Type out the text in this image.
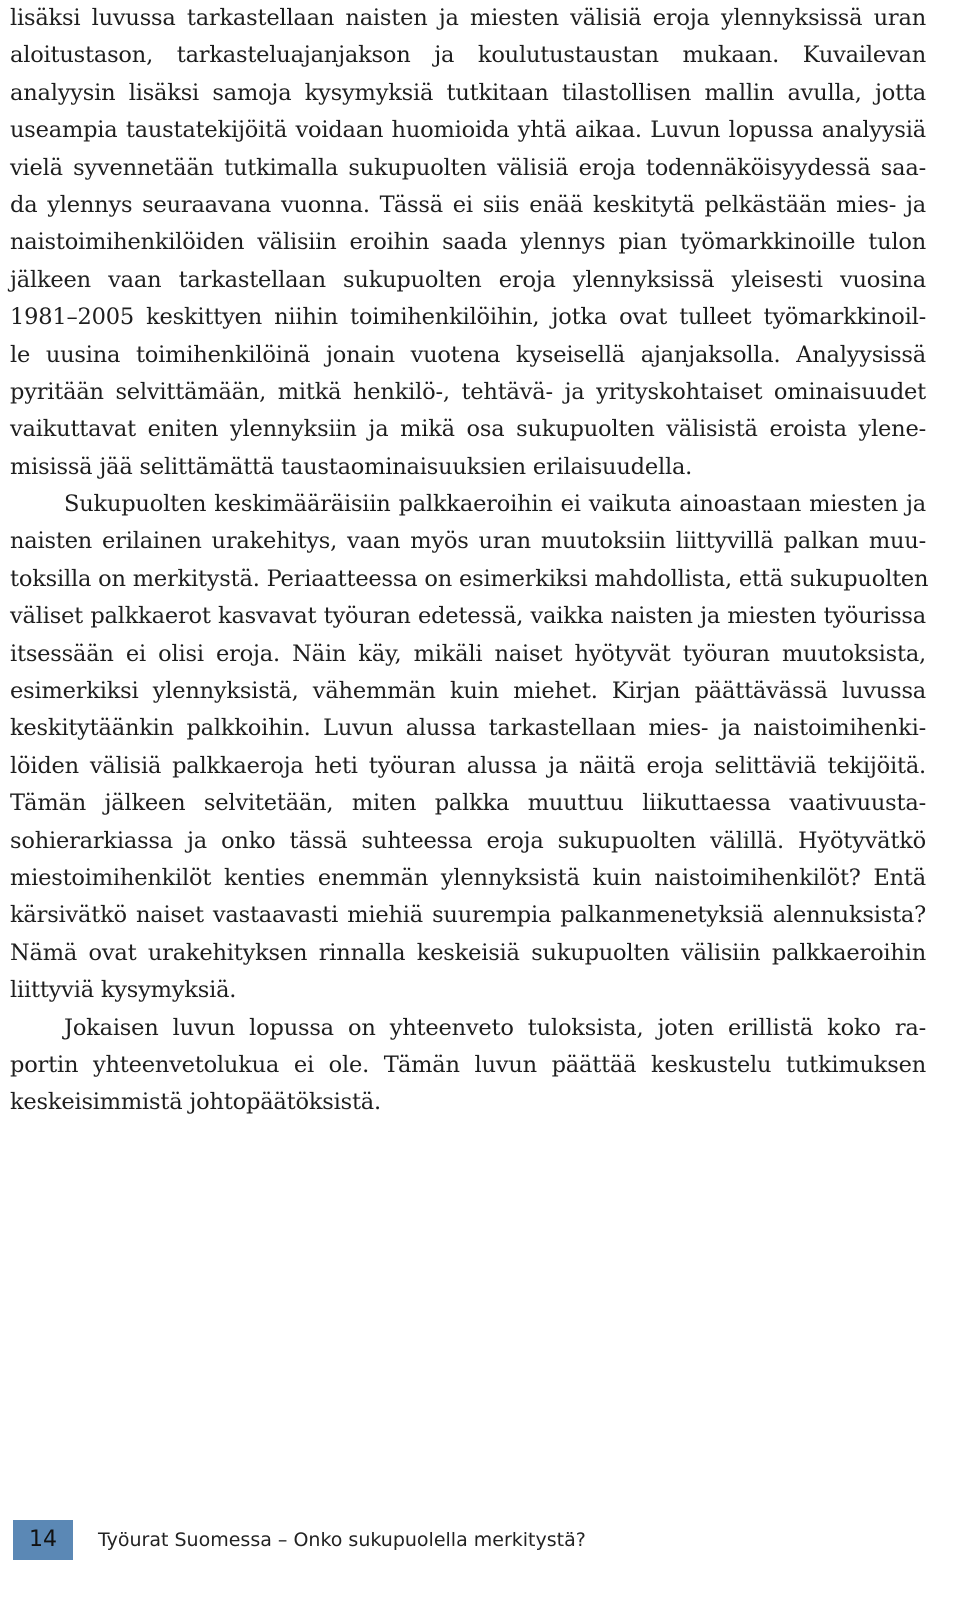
lisäksi luvussa tarkastellaan naisten ja miesten välisiä eroja ylennyksissä uran
aloitustason, tarkasteluajanjakson ja koulutustaustan mukaan. Kuvailevan
analyysin lisäksi samoja kysymyksiä tutkitaan tilastollisen mallin avulla, jotta
useampia taustatekijöitä voidaan huomioida yhtä aikaa. Luvun lopussa analyysiä
vielä syvennetään tutkimalla sukupuolten välisiä eroja todennäköisyydessä saa-
da ylennys seuraavana vuonna. Tässä ei siis enää keskitytä pelkästään mies- ja
naistoimihenkilöiden välisiin eroihin saada ylennys pian työmarkkinoille tulon
jälkeen vaan tarkastellaan sukupuolten eroja ylennyksissä yleisesti vuosina
1981–2005 keskittyen niihin toimihenkilöihin, jotka ovat tulleet työmarkkinoil-
le uusina toimihenkilöinä jonain vuotena kyseisellä ajanjaksolla. Analyysissä
pyritään selvittämään, mitkä henkilö-, tehtävä- ja yrityskohtaiset ominaisuudet
vaikuttavat eniten ylennyksiin ja mikä osa sukupuolten välisistä eroista ylene-
misissä jää selittämättä taustaominaisuuksien erilaisuudella.
Sukupuolten keskimääräisiin palkkaeroihin ei vaikuta ainoastaan miesten ja
naisten erilainen urakehitys, vaan myös uran muutoksiin liittyvillä palkan muu-
toksilla on merkitystä. Periaatteessa on esimerkiksi mahdollista, että sukupuolten
väliset palkkaerot kasvavat työuran edetessä, vaikka naisten ja miesten työurissa
itsessään ei olisi eroja. Näin käy, mikäli naiset hyötyvät työuran muutoksista,
esimerkiksi ylennyksistä, vähemmän kuin miehet. Kirjan päättävässä luvussa
keskitytäänkin palkkoihin. Luvun alussa tarkastellaan mies- ja naistoimihenki-
löiden välisiä palkkaeroja heti työuran alussa ja näitä eroja selittäviä tekijöitä.
Tämän jälkeen selvitetään, miten palkka muuttuu liikuttaessa vaativuusta-
sohierarkiassa ja onko tässä suhteessa eroja sukupuolten välillä. Hyötyvätkö
miestoimihenkilöt kenties enemmän ylennyksistä kuin naistoimihenkilöt? Entä
kärsivätkö naiset vastaavasti miehiä suurempia palkanmenetyksiä alennuksista?
Nämä ovat urakehityksen rinnalla keskeisiä sukupuolten välisiin palkkaeroihin
liittyviä kysymyksiä.
Jokaisen luvun lopussa on yhteenveto tuloksista, joten erillistä koko ra-
portin yhteenvetolukua ei ole. Tämän luvun päättää keskustelu tutkimuksen
keskeisimmistä johtopäätöksistä.
14	Työurat Suomessa – Onko sukupuolella merkitystä?
